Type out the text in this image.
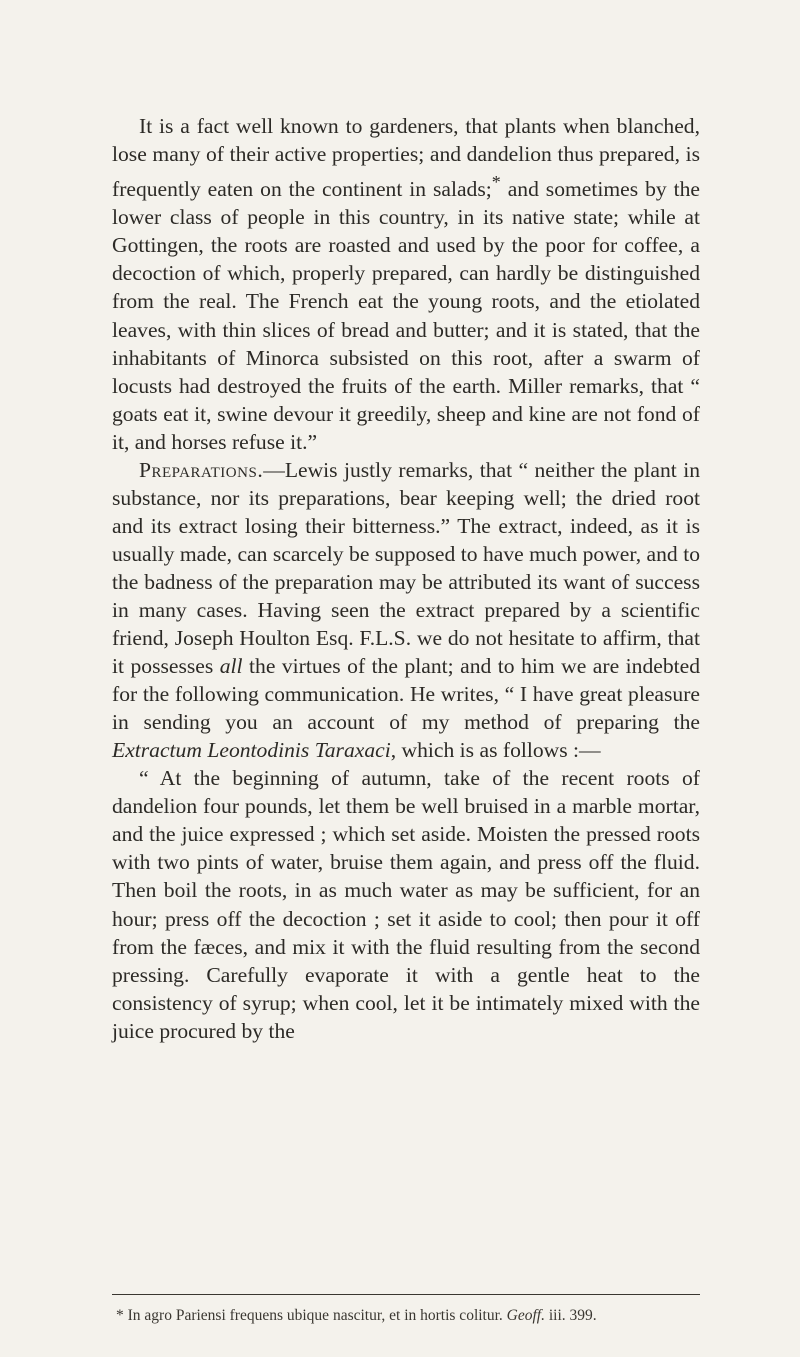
It is a fact well known to gardeners, that plants when blanched, lose many of their active properties; and dandelion thus prepared, is frequently eaten on the continent in salads;* and sometimes by the lower class of people in this country, in its native state; while at Gottingen, the roots are roasted and used by the poor for coffee, a decoction of which, properly prepared, can hardly be distinguished from the real. The French eat the young roots, and the etiolated leaves, with thin slices of bread and butter; and it is stated, that the inhabitants of Minorca subsisted on this root, after a swarm of locusts had destroyed the fruits of the earth. Miller remarks, that “ goats eat it, swine devour it greedily, sheep and kine are not fond of it, and horses refuse it.”

Preparations.—Lewis justly remarks, that “ neither the plant in substance, nor its preparations, bear keeping well; the dried root and its extract losing their bitterness.” The extract, indeed, as it is usually made, can scarcely be supposed to have much power, and to the badness of the preparation may be attributed its want of success in many cases. Having seen the extract prepared by a scientific friend, Joseph Houlton Esq. F.L.S. we do not hesitate to affirm, that it possesses all the virtues of the plant; and to him we are indebted for the following communication. He writes, “ I have great pleasure in sending you an account of my method of preparing the Extractum Leontodinis Taraxaci, which is as follows :—

“ At the beginning of autumn, take of the recent roots of dandelion four pounds, let them be well bruised in a marble mortar, and the juice expressed ; which set aside. Moisten the pressed roots with two pints of water, bruise them again, and press off the fluid. Then boil the roots, in as much water as may be sufficient, for an hour; press off the decoction ; set it aside to cool; then pour it off from the fæces, and mix it with the fluid resulting from the second pressing. Carefully evaporate it with a gentle heat to the consistency of syrup; when cool, let it be intimately mixed with the juice procured by the

* In agro Pariensi frequens ubique nascitur, et in hortis colitur. Geoff. iii. 399.
